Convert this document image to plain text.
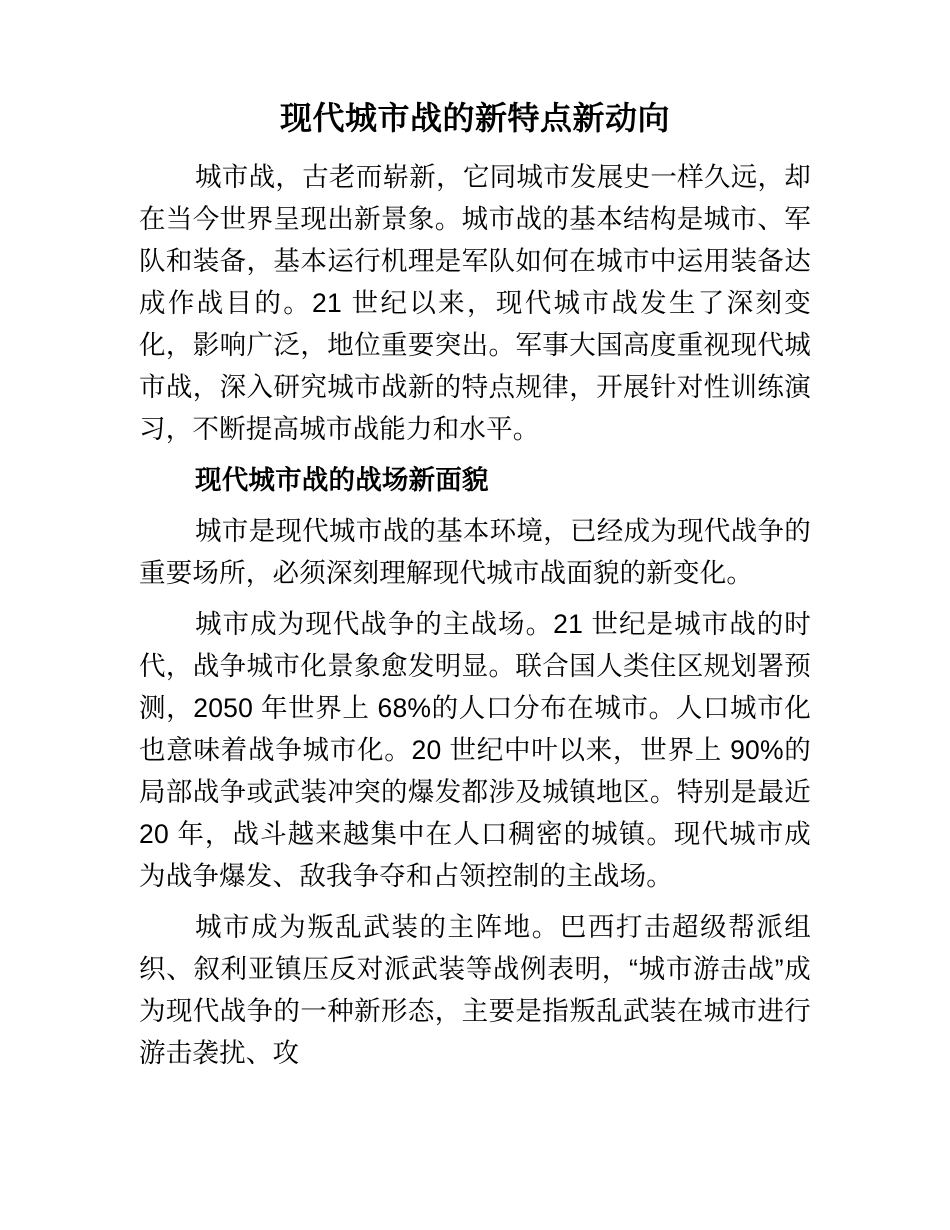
现代城市战的新特点新动向

城市战，古老而崭新，它同城市发展史一样久远，却在当今世界呈现出新景象。城市战的基本结构是城市、军队和装备，基本运行机理是军队如何在城市中运用装备达成作战目的。21 世纪以来，现代城市战发生了深刻变化，影响广泛，地位重要突出。军事大国高度重视现代城市战，深入研究城市战新的特点规律，开展针对性训练演习，不断提高城市战能力和水平。

现代城市战的战场新面貌

城市是现代城市战的基本环境，已经成为现代战争的重要场所，必须深刻理解现代城市战面貌的新变化。

城市成为现代战争的主战场。21 世纪是城市战的时代，战争城市化景象愈发明显。联合国人类住区规划署预测，2050 年世界上 68%的人口分布在城市。人口城市化也意味着战争城市化。20 世纪中叶以来，世界上 90%的局部战争或武装冲突的爆发都涉及城镇地区。特别是最近 20 年，战斗越来越集中在人口稠密的城镇。现代城市成为战争爆发、敌我争夺和占领控制的主战场。

城市成为叛乱武装的主阵地。巴西打击超级帮派组织、叙利亚镇压反对派武装等战例表明，“城市游击战”成为现代战争的一种新形态，主要是指叛乱武装在城市进行游击袭扰、攻
